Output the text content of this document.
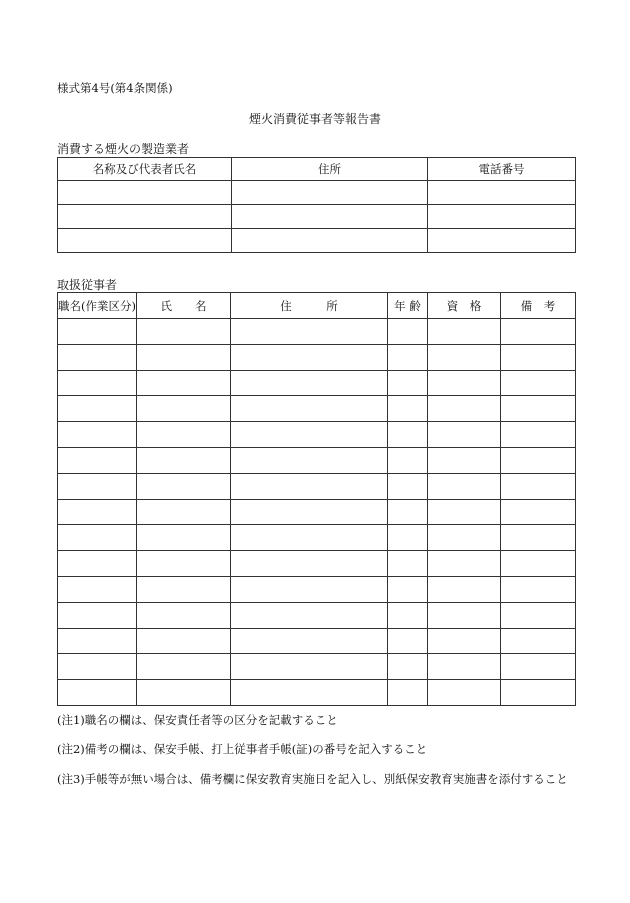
様式第4号(第4条関係)
煙火消費従事者等報告書
消費する煙火の製造業者
名称及び代表者氏名	住所	電話番号

取扱従事者
職名(作業区分)	氏　　名	住　　　所	年 齢	資　格	備　考

(注1)職名の欄は、保安責任者等の区分を記載すること
(注2)備考の欄は、保安手帳、打上従事者手帳(証)の番号を記入すること
(注3)手帳等が無い場合は、備考欄に保安教育実施日を記入し、別紙保安教育実施書を添付すること
